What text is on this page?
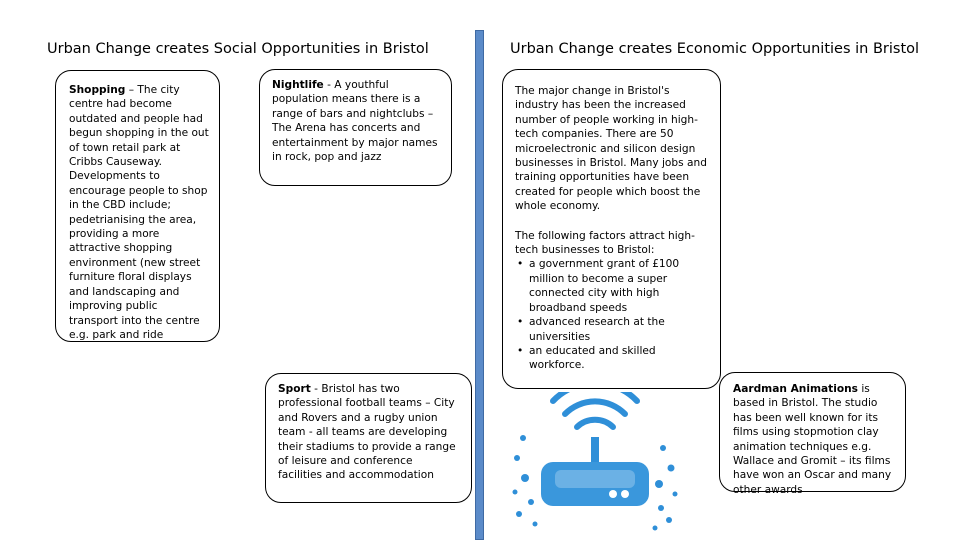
Urban Change creates Social Opportunities in Bristol	Urban Change creates Economic Opportunities in Bristol
Shopping – The city centre had become outdated and people had begun shopping in the out of town retail park at Cribbs Causeway. Developments to encourage people to shop in the CBD include; pedetrianising the area, providing a more attractive shopping environment (new street furniture floral displays and landscaping and improving public transport into the centre e.g. park and ride
Nightlife - A youthful population means there is a range of bars and nightclubs – The Arena has concerts and entertainment by major names in rock, pop and jazz

The major change in Bristol's industry has been the increased number of people working in high-tech companies. There are 50 microelectronic and silicon design businesses in Bristol. Many jobs and training opportunities have been created for people which boost the whole economy.

The following factors attract high-tech businesses to Bristol:

• a government grant of £100 million to become a super connected city with high broadband speeds
• advanced research at the universities
• an educated and skilled workforce.
Sport - Bristol has two professional football teams – City and Rovers and a rugby union team - all teams are developing their stadiums to provide a range of leisure and conference facilities and accommodation
Aardman Animations is based in Bristol. The studio has been well known for its films using stopmotion clay animation techniques e.g. Wallace and Gromit – its films have won an Oscar and many other awards
